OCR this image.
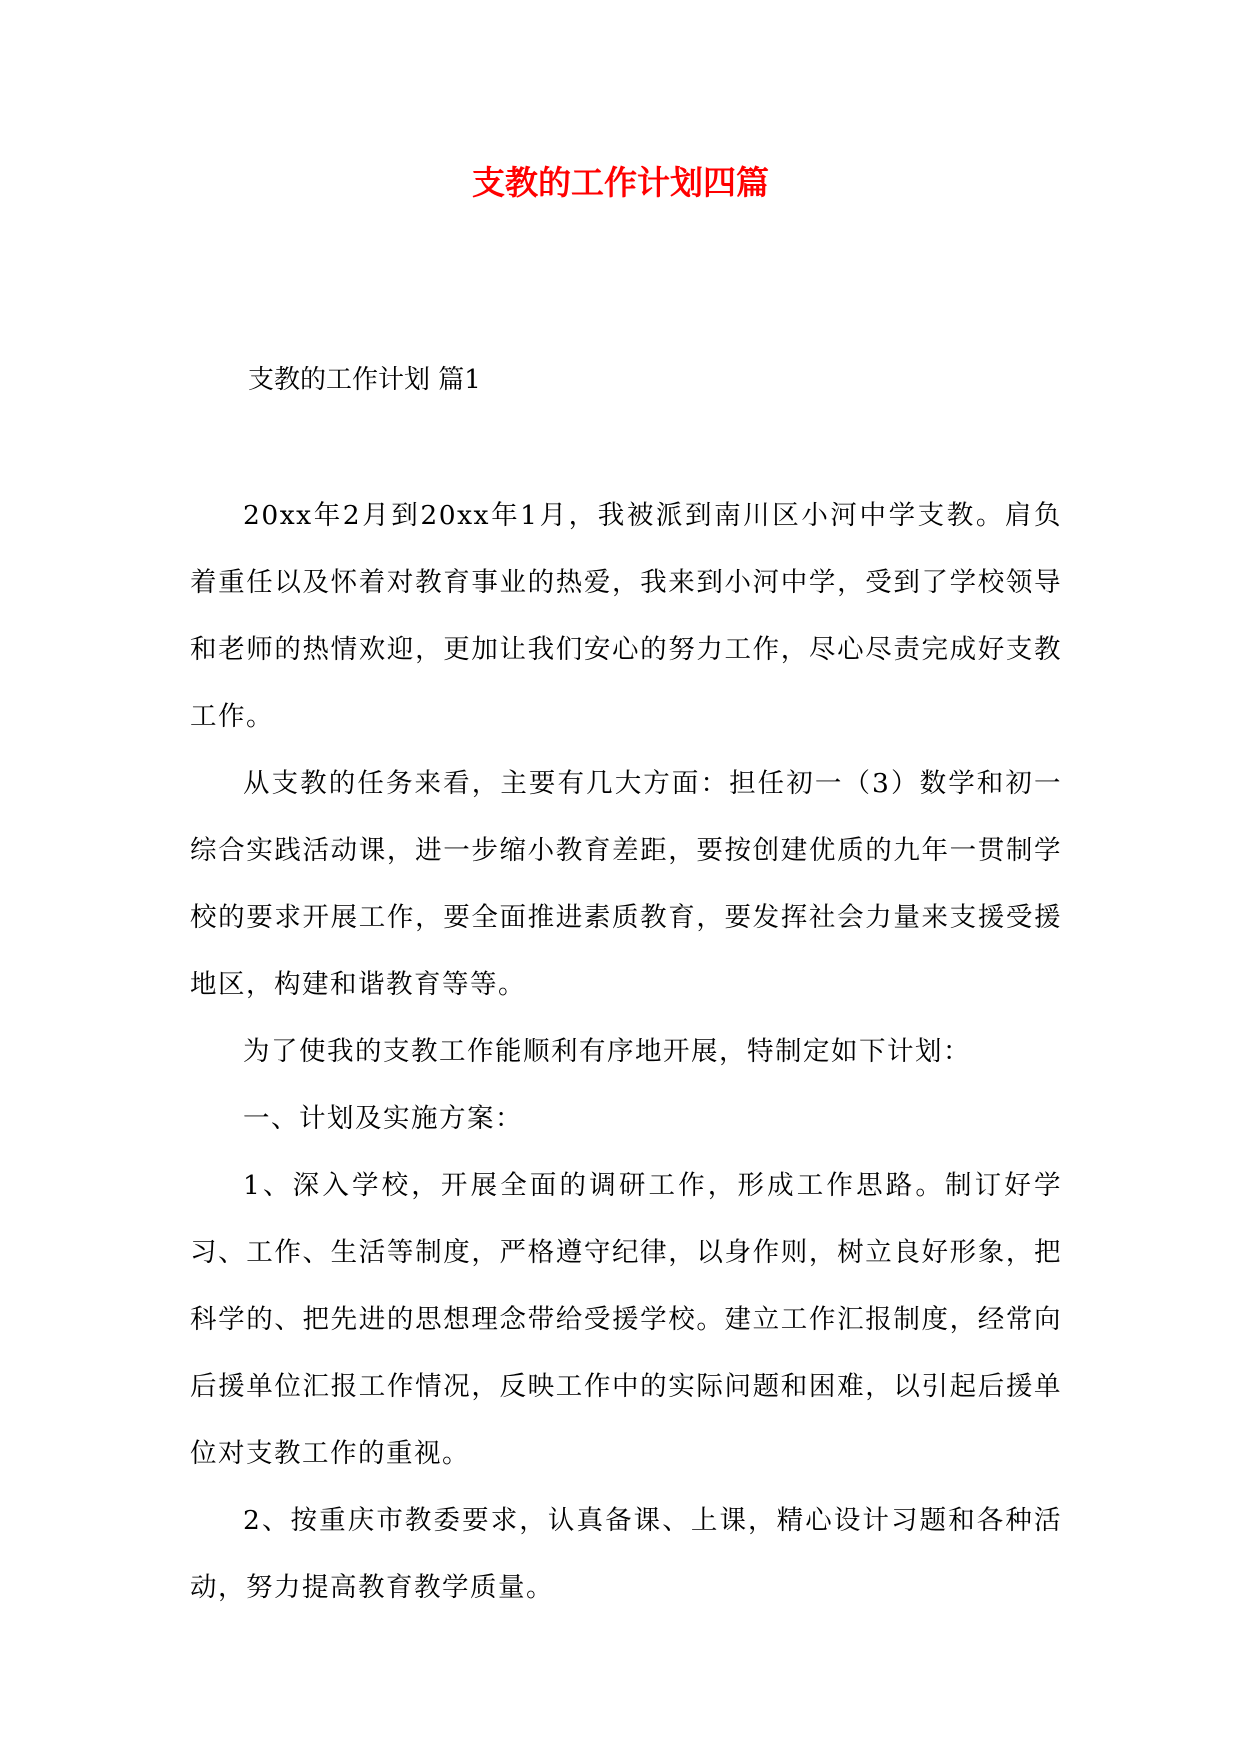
支教的工作计划四篇

支教的工作计划 篇1

20xx年2月到20xx年1月，我被派到南川区小河中学支教。肩负着重任以及怀着对教育事业的热爱，我来到小河中学，受到了学校领导和老师的热情欢迎，更加让我们安心的努力工作，尽心尽责完成好支教工作。

从支教的任务来看，主要有几大方面：担任初一（3）数学和初一综合实践活动课，进一步缩小教育差距，要按创建优质的九年一贯制学校的要求开展工作，要全面推进素质教育，要发挥社会力量来支援受援地区，构建和谐教育等等。

为了使我的支教工作能顺利有序地开展，特制定如下计划：

一、计划及实施方案：

1、深入学校，开展全面的调研工作，形成工作思路。制订好学习、工作、生活等制度，严格遵守纪律，以身作则，树立良好形象，把科学的、把先进的思想理念带给受援学校。建立工作汇报制度，经常向后援单位汇报工作情况，反映工作中的实际问题和困难，以引起后援单位对支教工作的重视。

2、按重庆市教委要求，认真备课、上课，精心设计习题和各种活动，努力提高教育教学质量。
